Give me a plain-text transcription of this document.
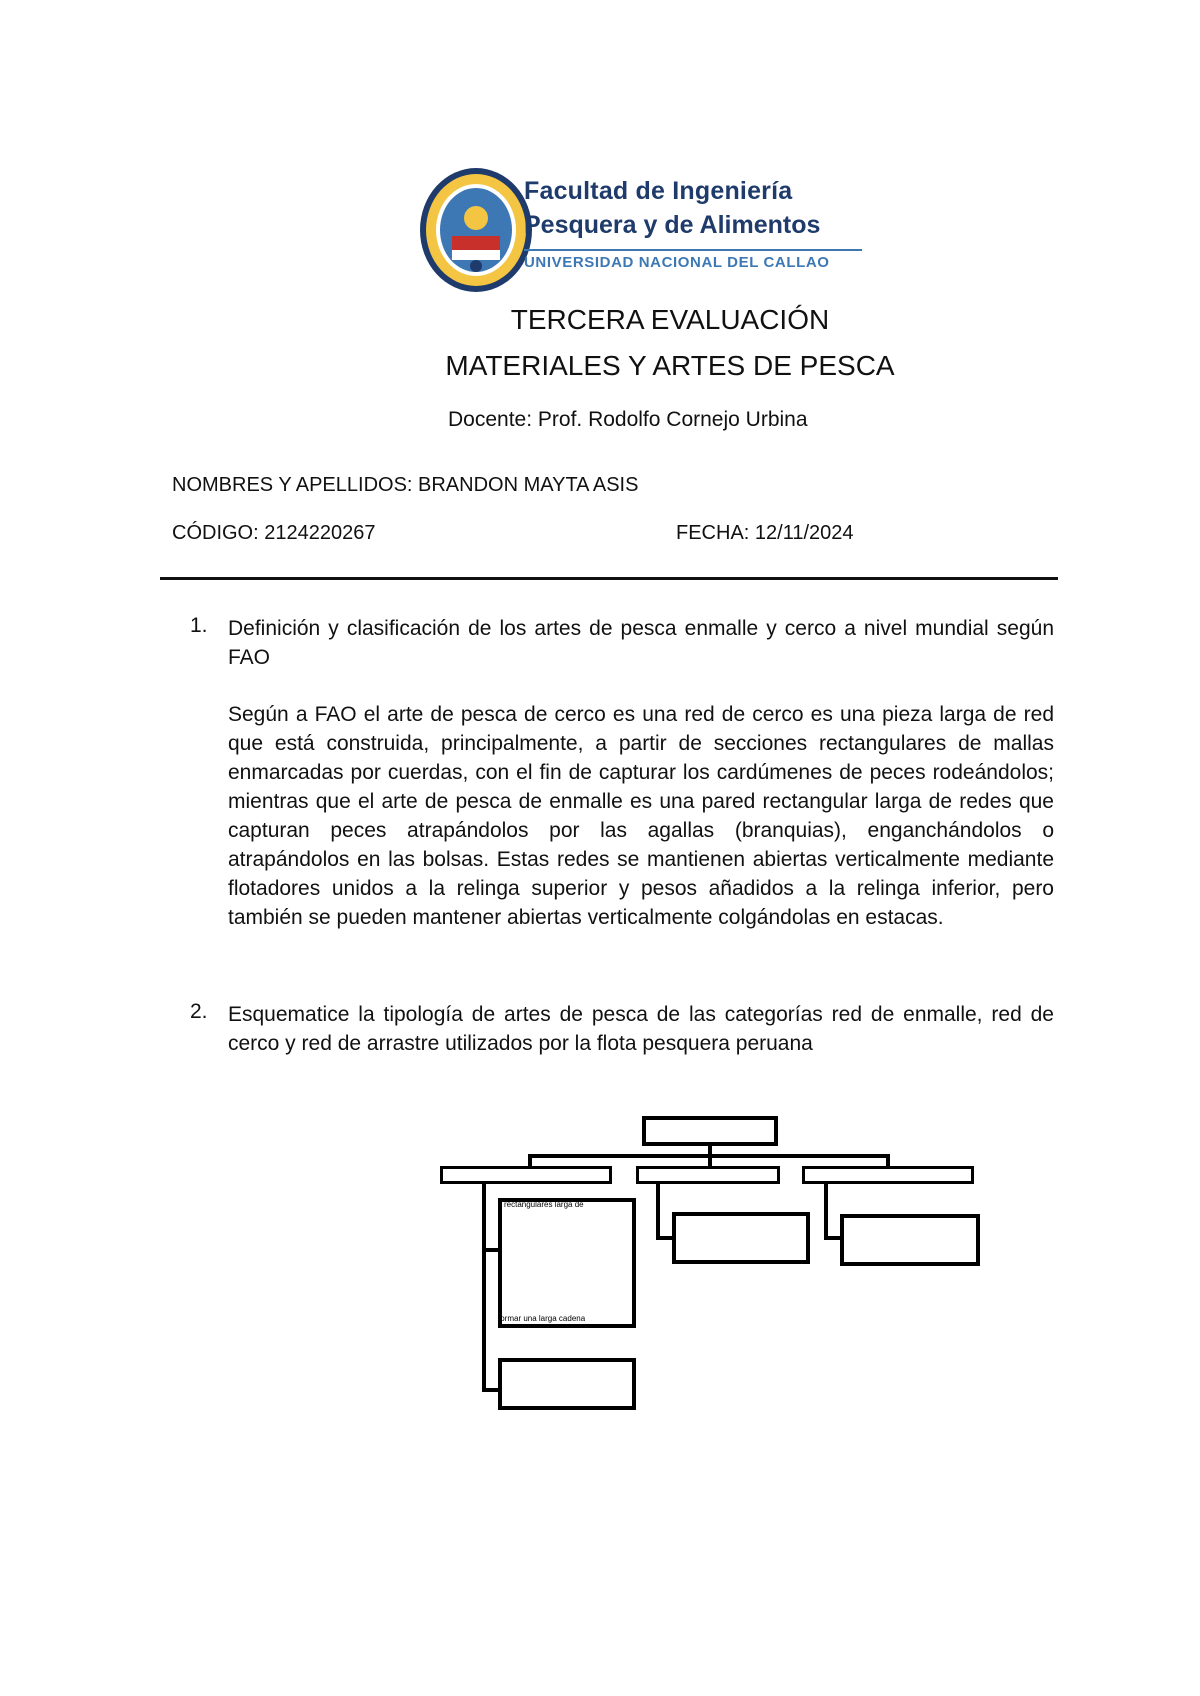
Facultad de Ingeniería
Pesquera y de Alimentos
UNIVERSIDAD NACIONAL DEL CALLAO
TERCERA EVALUACIÓN
MATERIALES Y ARTES DE PESCA
Docente: Prof. Rodolfo Cornejo Urbina
NOMBRES Y APELLIDOS: BRANDON MAYTA ASIS
CÓDIGO: 2124220267	FECHA: 12/11/2024
1. Definición y clasificación de los artes de pesca enmalle y cerco a nivel mundial según FAO
Según a FAO el arte de pesca de cerco es una red de cerco es una pieza larga de red que está construida, principalmente, a partir de secciones rectangulares de mallas enmarcadas por cuerdas, con el fin de capturar los cardúmenes de peces rodeándolos; mientras que el arte de pesca de enmalle es una pared rectangular larga de redes que capturan peces atrapándolos por las agallas (branquias), enganchándolos o atrapándolos en las bolsas. Estas redes se mantienen abiertas verticalmente mediante flotadores unidos a la relinga superior y pesos añadidos a la relinga inferior, pero también se pueden mantener abiertas verticalmente colgándolas en estacas.
2. Esquematice la tipología de artes de pesca de las categorías red de enmalle, red de cerco y red de arrastre utilizados por la flota pesquera peruana
Red de enmalle	Red de cerco	Red de arrastre
rectangulares larga de
formar una larga cadena
